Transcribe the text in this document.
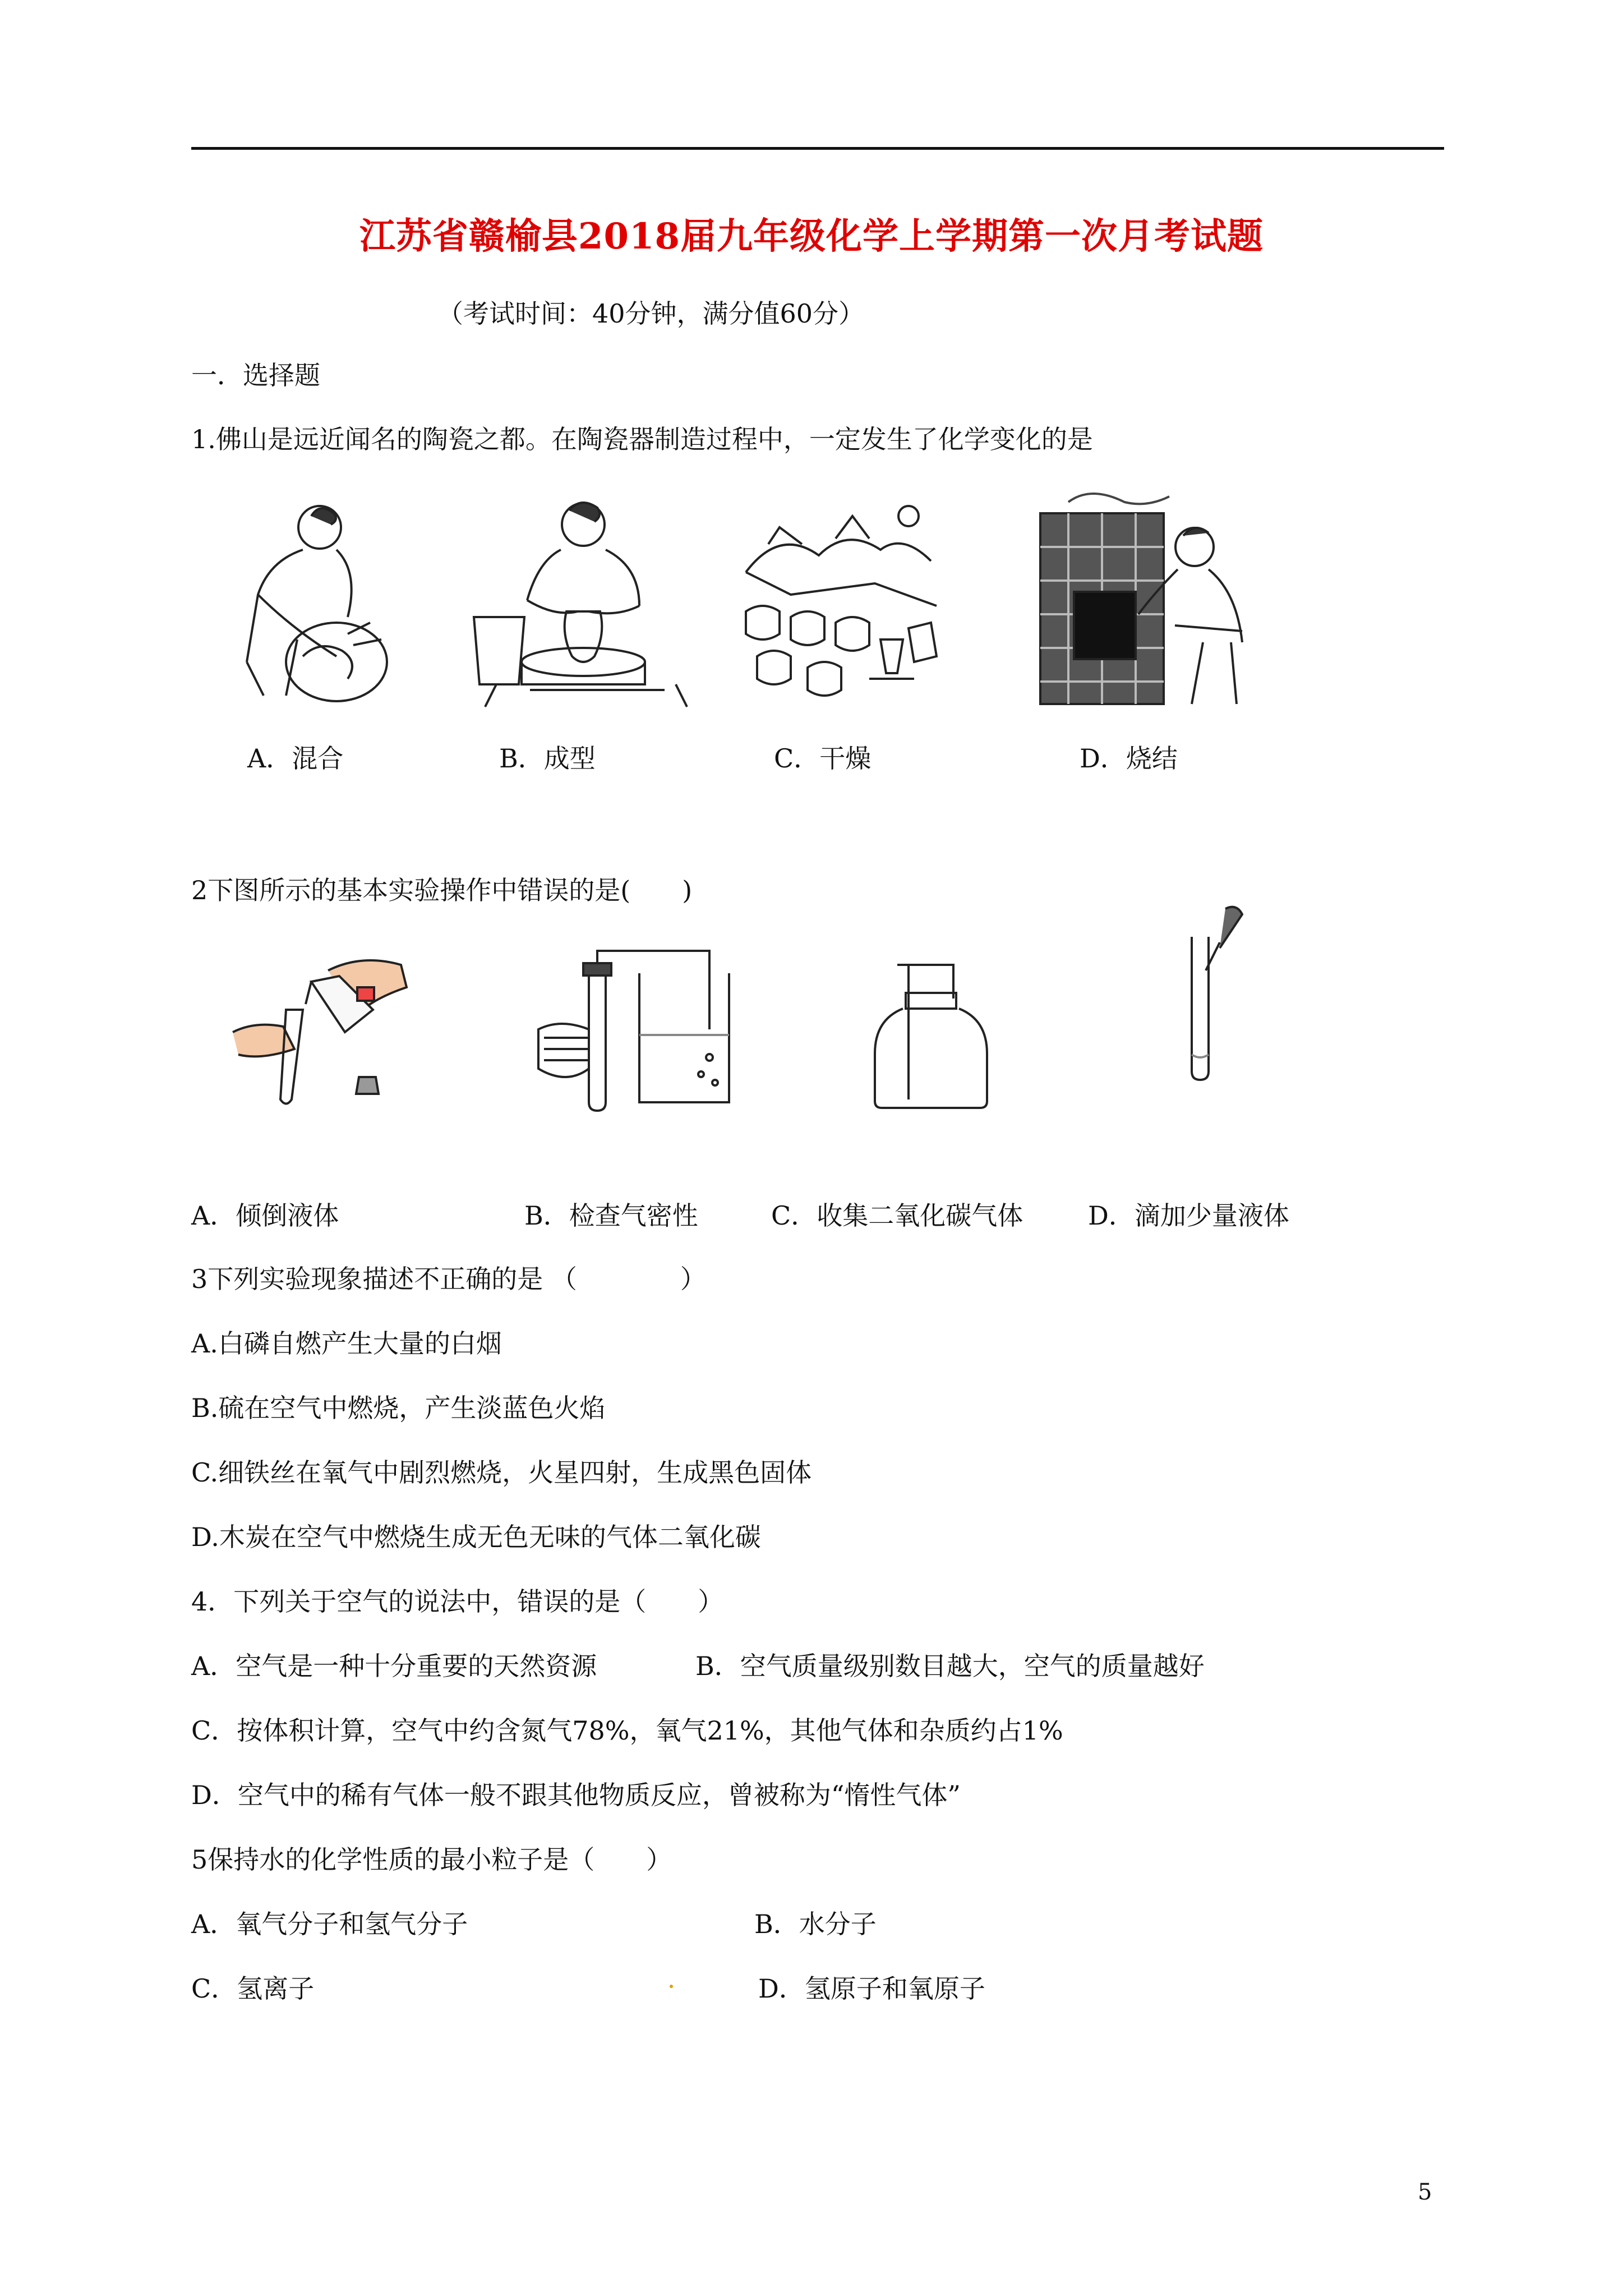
江苏省赣榆县2018届九年级化学上学期第一次月考试题
（考试时间：40分钟，满分值60分）
一．选择题
1.佛山是远近闻名的陶瓷之都。在陶瓷器制造过程中，一定发生了化学变化的是
A．混合	B．成型	C．干燥	D．烧结
2下图所示的基本实验操作中错误的是(　　)
A．倾倒液体	B．检查气密性	C．收集二氧化碳气体	D．滴加少量液体
3下列实验现象描述不正确的是 （　　　　）
A.白磷自燃产生大量的白烟
B.硫在空气中燃烧，产生淡蓝色火焰
C.细铁丝在氧气中剧烈燃烧，火星四射，生成黑色固体
D.木炭在空气中燃烧生成无色无味的气体二氧化碳
4．下列关于空气的说法中，错误的是（　　）
A．空气是一种十分重要的天然资源	B．空气质量级别数目越大，空气的质量越好
C．按体积计算，空气中约含氮气78%，氧气21%，其他气体和杂质约占1%
D．空气中的稀有气体一般不跟其他物质反应，曾被称为“惰性气体”
5保持水的化学性质的最小粒子是（　　）
A．氧气分子和氢气分子	B．水分子
C．氢离子	D．氢原子和氧原子
5
